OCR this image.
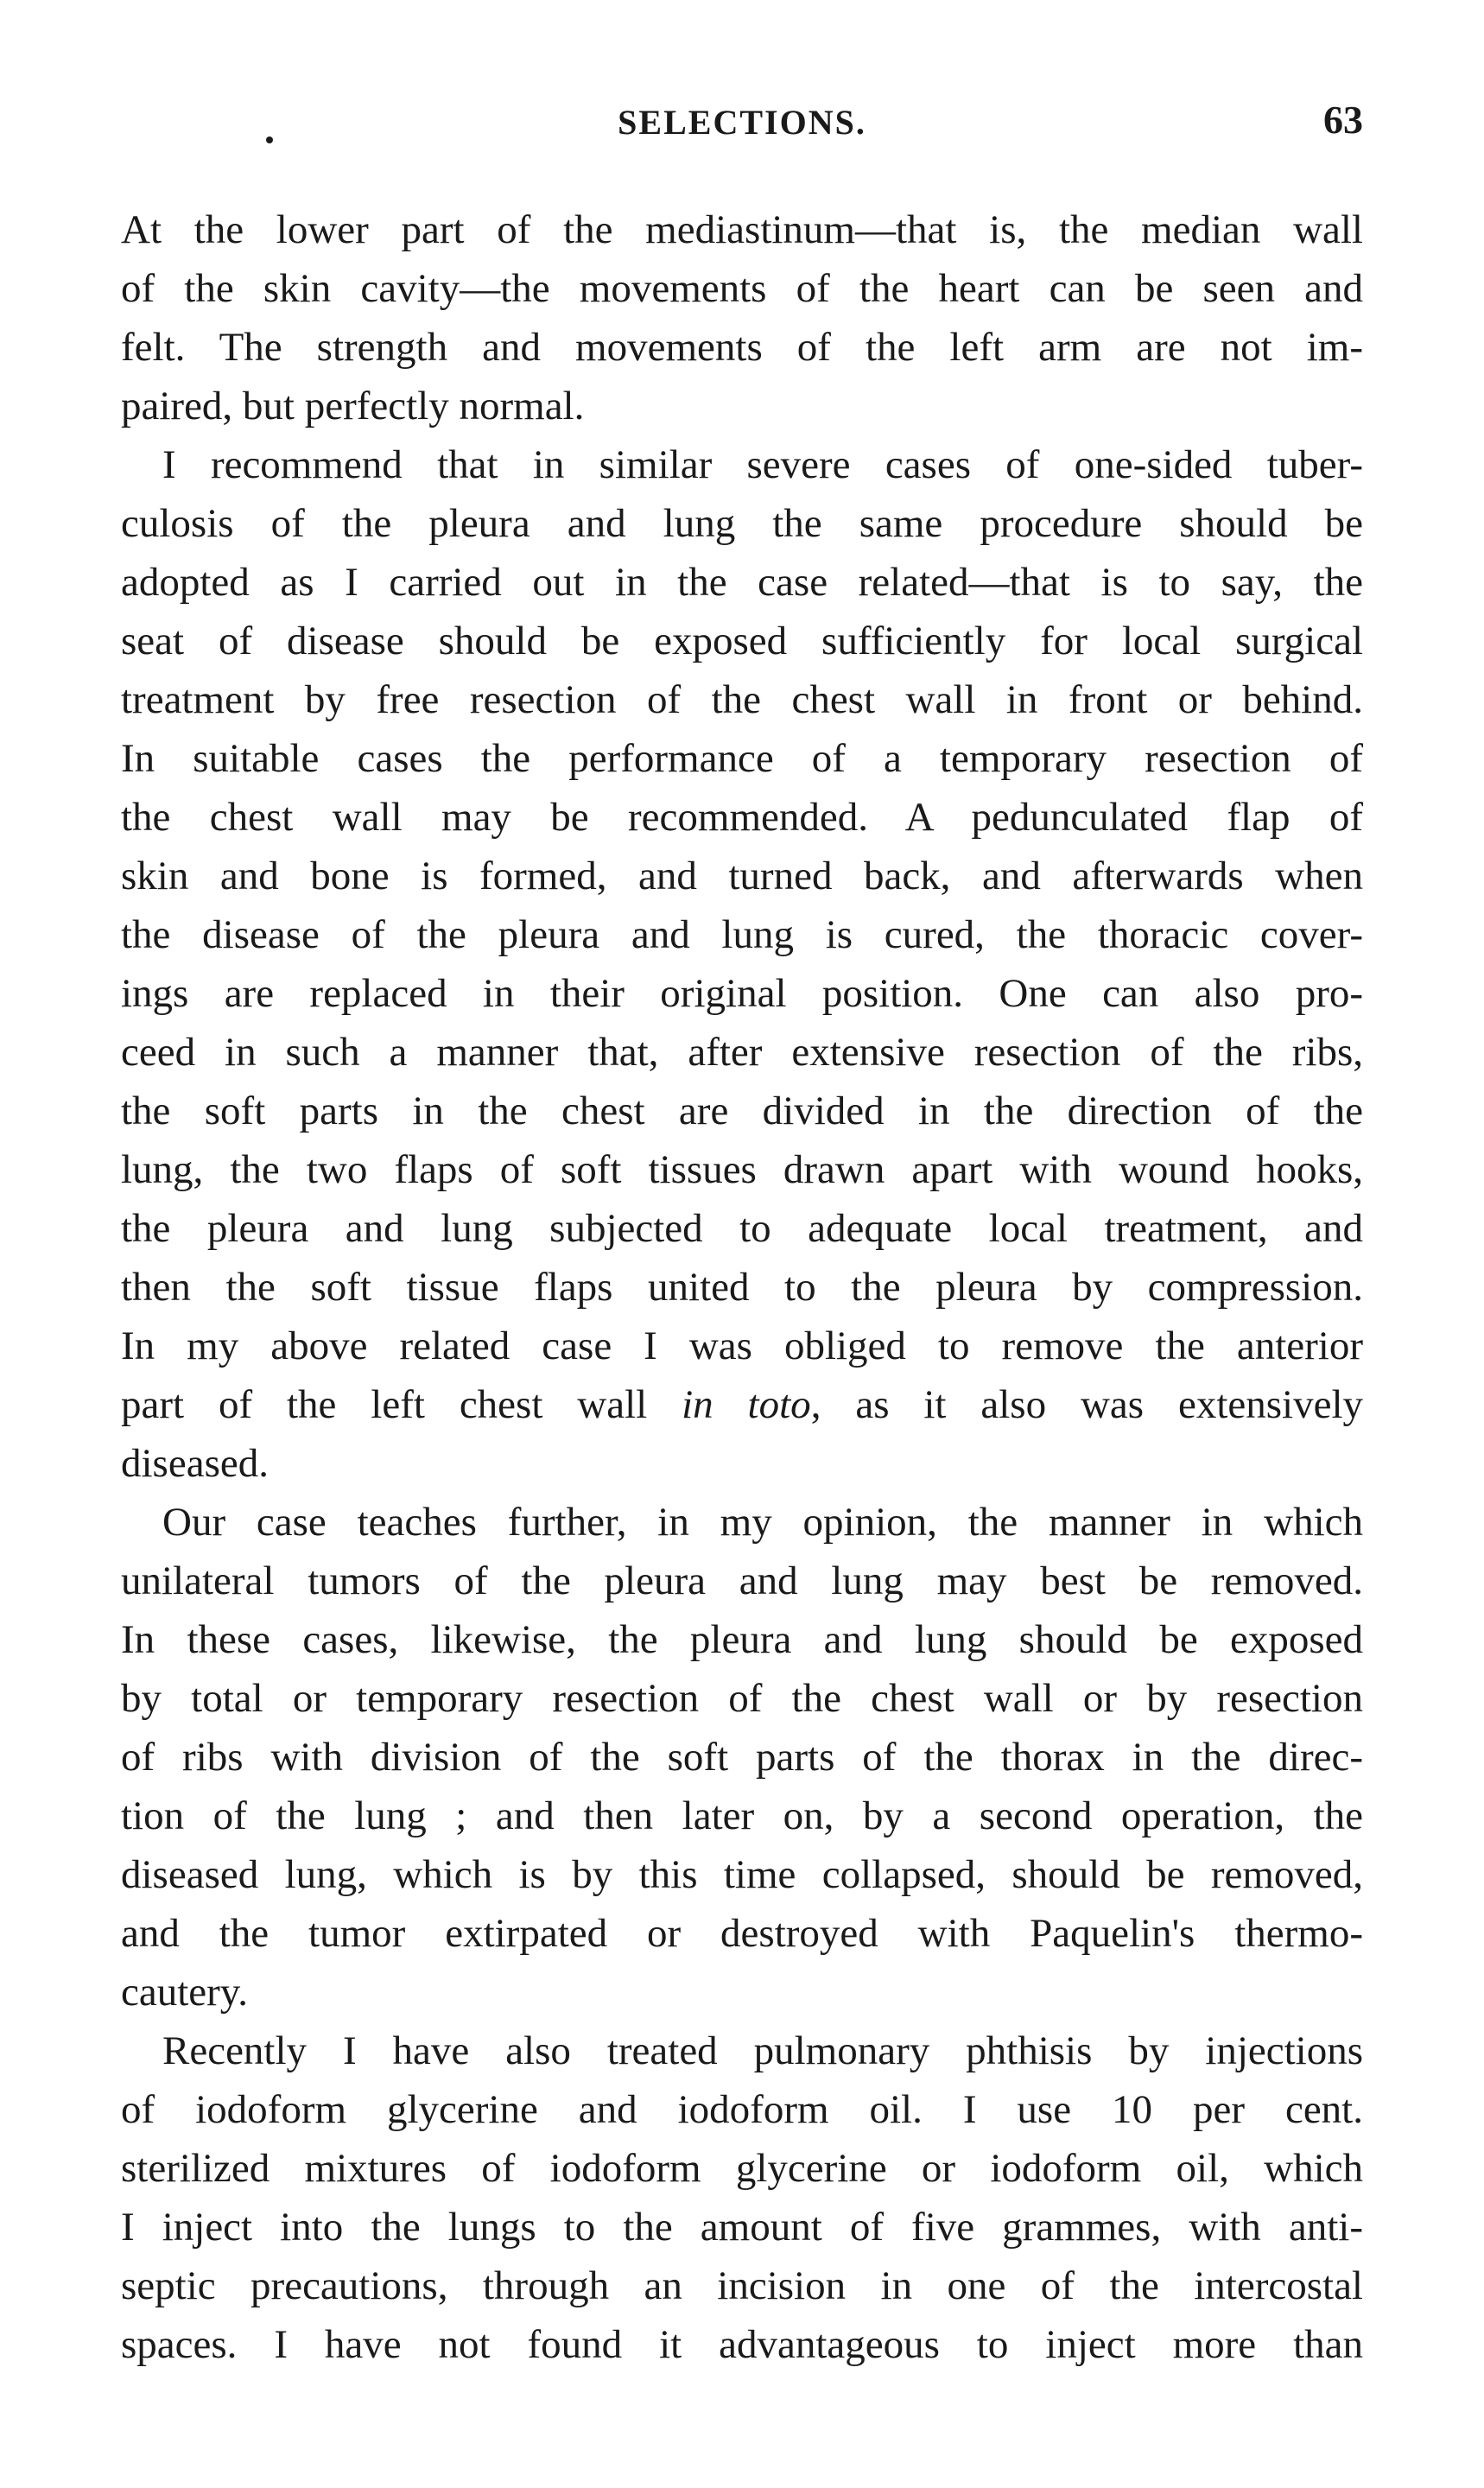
SELECTIONS.	63

At the lower part of the mediastinum—that is, the median wall
of the skin cavity—the movements of the heart can be seen and
felt. The strength and movements of the left arm are not im-
paired, but perfectly normal.

I recommend that in similar severe cases of one-sided tuber-
culosis of the pleura and lung the same procedure should be
adopted as I carried out in the case related—that is to say, the
seat of disease should be exposed sufficiently for local surgical
treatment by free resection of the chest wall in front or behind.
In suitable cases the performance of a temporary resection of
the chest wall may be recommended. A pedunculated flap of
skin and bone is formed, and turned back, and afterwards when
the disease of the pleura and lung is cured, the thoracic cover-
ings are replaced in their original position. One can also pro-
ceed in such a manner that, after extensive resection of the ribs,
the soft parts in the chest are divided in the direction of the
lung, the two flaps of soft tissues drawn apart with wound hooks,
the pleura and lung subjected to adequate local treatment, and
then the soft tissue flaps united to the pleura by compression.
In my above related case I was obliged to remove the anterior
part of the left chest wall in toto, as it also was extensively
diseased.

Our case teaches further, in my opinion, the manner in which
unilateral tumors of the pleura and lung may best be removed.
In these cases, likewise, the pleura and lung should be exposed
by total or temporary resection of the chest wall or by resection
of ribs with division of the soft parts of the thorax in the direc-
tion of the lung ; and then later on, by a second operation, the
diseased lung, which is by this time collapsed, should be removed,
and the tumor extirpated or destroyed with Paquelin's thermo-
cautery.

Recently I have also treated pulmonary phthisis by injections
of iodoform glycerine and iodoform oil. I use 10 per cent.
sterilized mixtures of iodoform glycerine or iodoform oil, which
I inject into the lungs to the amount of five grammes, with anti-
septic precautions, through an incision in one of the intercostal
spaces. I have not found it advantageous to inject more than
